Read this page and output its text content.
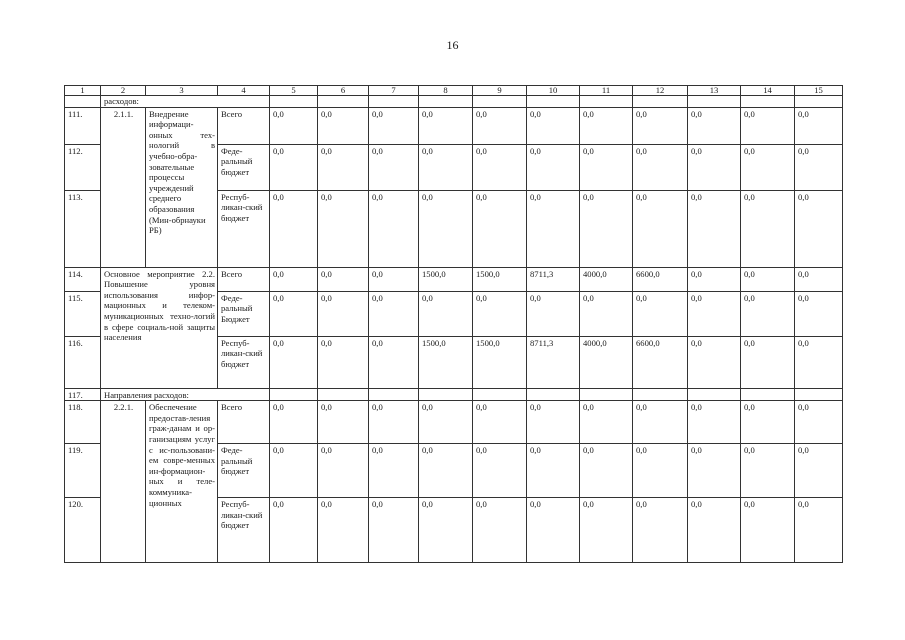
16
1	2	3	4	5	6	7	8	9	10	11	12	13	14	15
	расходов:													
111.	2.1.1.	Внедрение информаци-онных тех-нологий в учебно-обра-зовательные процессы учреждений среднего образования (Мин-обрнауки РБ)	Всего	0,0	0,0	0,0	0,0	0,0	0,0	0,0	0,0	0,0	0,0	0,0
112.			Феде-ральный бюджет	0,0	0,0	0,0	0,0	0,0	0,0	0,0	0,0	0,0	0,0	0,0
113.			Респуб-ликан-ский бюджет	0,0	0,0	0,0	0,0	0,0	0,0	0,0	0,0	0,0	0,0	0,0
114.	Основное мероприятие 2.2. Повышение уровня использования инфор-мационных и телеком-муникационных техно-логий в сфере социаль-ной защиты населения		Всего	0,0	0,0	0,0	1500,0	1500,0	8711,3	4000,0	6600,0	0,0	0,0	0,0
115.			Феде-ральный Бюджет	0,0	0,0	0,0	0,0	0,0	0,0	0,0	0,0	0,0	0,0	0,0
116.			Респуб-ликан-ский бюджет	0,0	0,0	0,0	1500,0	1500,0	8711,3	4000,0	6600,0	0,0	0,0	0,0
117.	Направления расходов:													
118.	2.2.1.	Обеспечение предостав-ления граж-данам и ор-ганизациям услуг с ис-пользовани-ем совре-менных ин-формацион-ных и теле-коммуника-ционных	Всего	0,0	0,0	0,0	0,0	0,0	0,0	0,0	0,0	0,0	0,0	0,0
119.			Феде-ральный бюджет	0,0	0,0	0,0	0,0	0,0	0,0	0,0	0,0	0,0	0,0	0,0
120.			Респуб-ликан-ский бюджет	0,0	0,0	0,0	0,0	0,0	0,0	0,0	0,0	0,0	0,0	0,0
